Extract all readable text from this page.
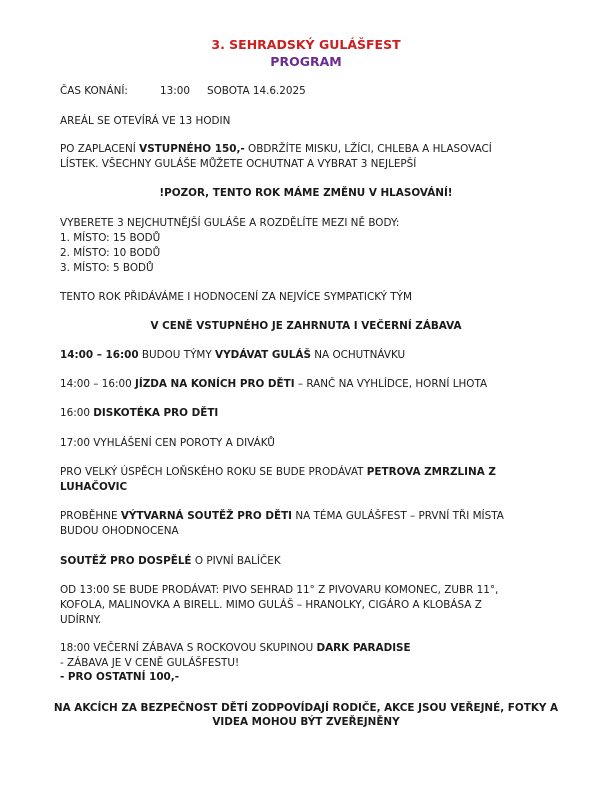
3. SEHRADSKÝ GULÁŠFEST
PROGRAM
ČAS KONÁNÍ:	13:00 SOBOTA 14.6.2025
AREÁL SE OTEVÍRÁ VE 13 HODIN
PO ZAPLACENÍ VSTUPNÉHO 150,- OBDRŽÍTE MISKU, LŽÍCI, CHLEBA A HLASOVACÍ
LÍSTEK. VŠECHNY GULÁŠE MŮŽETE OCHUTNAT A VYBRAT 3 NEJLEPŠÍ
!POZOR, TENTO ROK MÁME ZMĚNU V HLASOVÁNÍ!
VYBERETE 3 NEJCHUTNĚJŠÍ GULÁŠE A ROZDĚLÍTE MEZI NĚ BODY:
1. MÍSTO: 15 BODŮ
2. MÍSTO: 10 BODŮ
3. MÍSTO: 5 BODŮ
TENTO ROK PŘIDÁVÁME I HODNOCENÍ ZA NEJVÍCE SYMPATICKÝ TÝM
V CENĚ VSTUPNÉHO JE ZAHRNUTA I VEČERNÍ ZÁBAVA
14:00 – 16:00 BUDOU TÝMY VYDÁVAT GULÁŠ NA OCHUTNÁVKU
14:00 – 16:00 JÍZDA NA KONÍCH PRO DĚTI – RANČ NA VYHLÍDCE, HORNÍ LHOTA
16:00 DISKOTÉKA PRO DĚTI
17:00 VYHLÁŠENÍ CEN POROTY A DIVÁKŮ
PRO VELKÝ ÚSPĚCH LOŇSKÉHO ROKU SE BUDE PRODÁVAT PETROVA ZMRZLINA Z
LUHAČOVIC
PROBĚHNE VÝTVARNÁ SOUTĚŽ PRO DĚTI NA TÉMA GULÁŠFEST – PRVNÍ TŘI MÍSTA
BUDOU OHODNOCENA
SOUTĚŽ PRO DOSPĚLÉ O PIVNÍ BALÍČEK
OD 13:00 SE BUDE PRODÁVAT: PIVO SEHRAD 11° Z PIVOVARU KOMONEC, ZUBR 11°,
KOFOLA, MALINOVKA A BIRELL. MIMO GULÁŠ – HRANOLKY, CIGÁRO A KLOBÁSA Z
UDÍRNY.
18:00 VEČERNÍ ZÁBAVA S ROCKOVOU SKUPINOU DARK PARADISE
- ZÁBAVA JE V CENĚ GULÁŠFESTU!
- PRO OSTATNÍ 100,-
NA AKCÍCH ZA BEZPEČNOST DĚTÍ ZODPOVÍDAJÍ RODIČE, AKCE JSOU VEŘEJNÉ, FOTKY A
VIDEA MOHOU BÝT ZVEŘEJNĚNY
